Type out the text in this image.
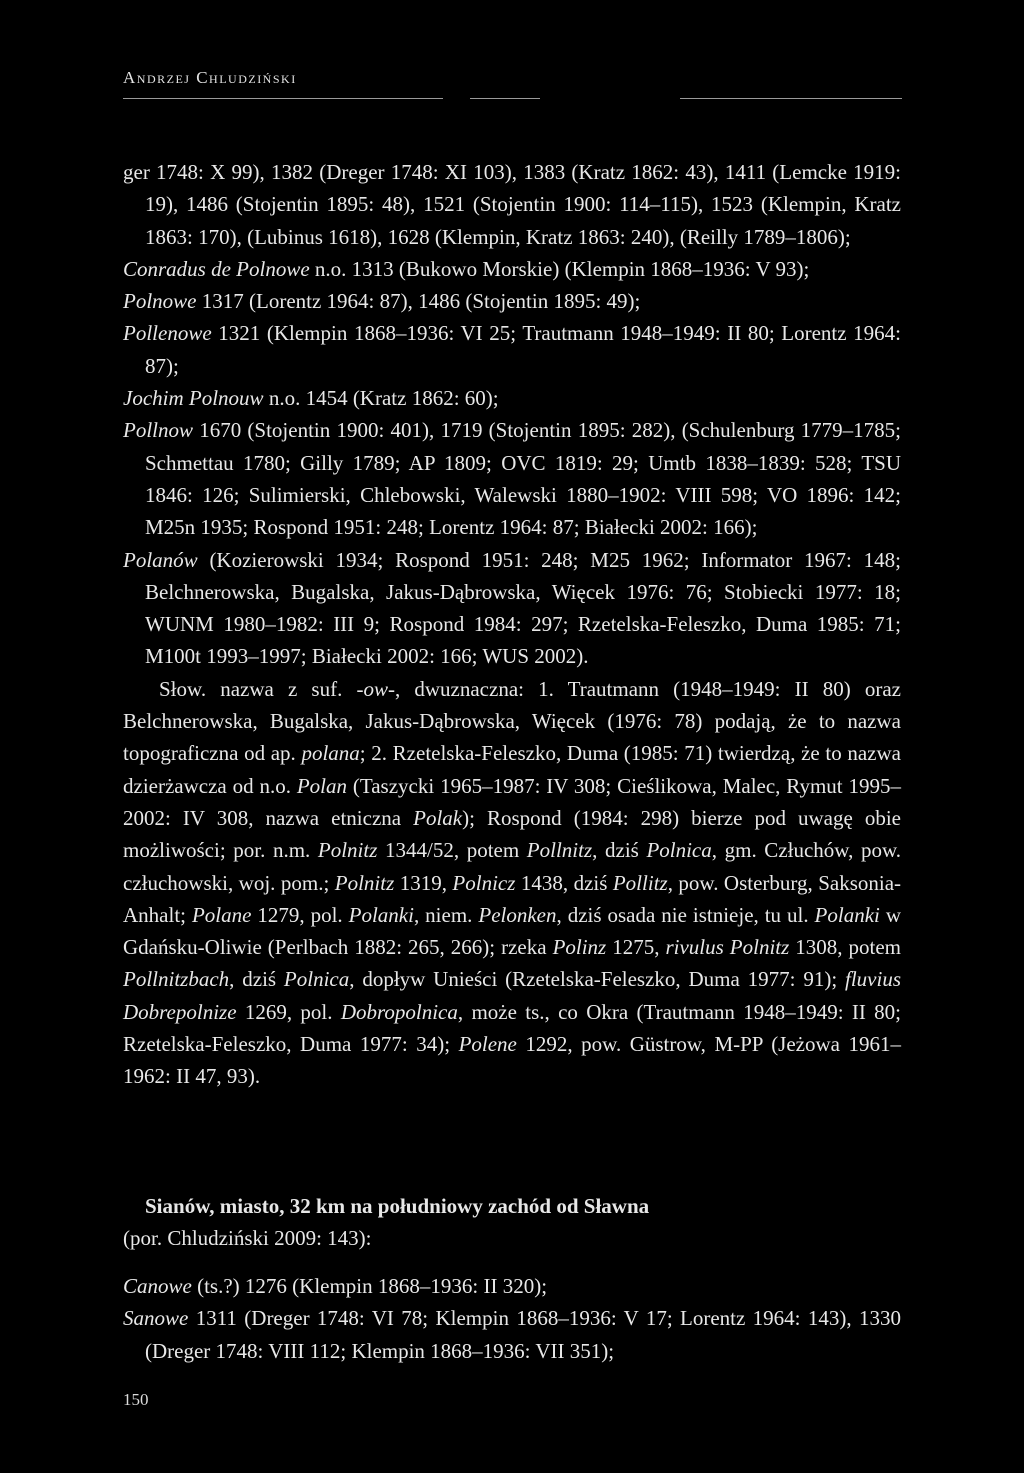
Andrzej Chludziński

ger 1748: X 99), 1382 (Dreger 1748: XI 103), 1383 (Kratz 1862: 43), 1411 (Lemcke 1919: 19), 1486 (Stojentin 1895: 48), 1521 (Stojentin 1900: 114–115), 1523 (Klempin, Kratz 1863: 170), (Lubinus 1618), 1628 (Klempin, Kratz 1863: 240), (Reilly 1789–1806);

Conradus de Polnowe n.o. 1313 (Bukowo Morskie) (Klempin 1868–1936: V 93);

Polnowe 1317 (Lorentz 1964: 87), 1486 (Stojentin 1895: 49);

Pollenowe 1321 (Klempin 1868–1936: VI 25; Trautmann 1948–1949: II 80; Lorentz 1964: 87);

Jochim Polnouw n.o. 1454 (Kratz 1862: 60);

Pollnow 1670 (Stojentin 1900: 401), 1719 (Stojentin 1895: 282), (Schulenburg 1779–1785; Schmettau 1780; Gilly 1789; AP 1809; OVC 1819: 29; Umtb 1838–1839: 528; TSU 1846: 126; Sulimierski, Chlebowski, Walewski 1880–1902: VIII 598; VO 1896: 142; M25n 1935; Rospond 1951: 248; Lorentz 1964: 87; Białecki 2002: 166);

Polanów (Kozierowski 1934; Rospond 1951: 248; M25 1962; Informator 1967: 148; Belchnerowska, Bugalska, Jakus-Dąbrowska, Więcek 1976: 76; Stobiecki 1977: 18; WUNM 1980–1982: III 9; Rospond 1984: 297; Rzetelska-Feleszko, Duma 1985: 71; M100t 1993–1997; Białecki 2002: 166; WUS 2002).

Słow. nazwa z suf. -ow-, dwuznaczna: 1. Trautmann (1948–1949: II 80) oraz Belchnerowska, Bugalska, Jakus-Dąbrowska, Więcek (1976: 78) podają, że to nazwa topograficzna od ap. polana; 2. Rzetelska-Feleszko, Duma (1985: 71) twierdzą, że to nazwa dzierżawcza od n.o. Polan (Taszycki 1965–1987: IV 308; Cieślikowa, Malec, Rymut 1995–2002: IV 308, nazwa etniczna Polak); Rospond (1984: 298) bierze pod uwagę obie możliwości; por. n.m. Polnitz 1344/52, potem Pollnitz, dziś Polnica, gm. Człuchów, pow. człuchowski, woj. pom.; Polnitz 1319, Polnicz 1438, dziś Pollitz, pow. Osterburg, Saksonia-Anhalt; Polane 1279, pol. Polanki, niem. Pelonken, dziś osada nie istnieje, tu ul. Polanki w Gdańsku-Oliwie (Perlbach 1882: 265, 266); rzeka Polinz 1275, rivulus Polnitz 1308, potem Pollnitzbach, dziś Polnica, dopływ Unieści (Rzetelska-Feleszko, Duma 1977: 91); fluvius Dobrepolnize 1269, pol. Dobropolnica, może ts., co Okra (Trautmann 1948–1949: II 80; Rzetelska-Feleszko, Duma 1977: 34); Polene 1292, pow. Güstrow, M-PP (Jeżowa 1961–1962: II 47, 93).

Sianów, miasto, 32 km na południowy zachód od Sławna
(por. Chludziński 2009: 143):

Canowe (ts.?) 1276 (Klempin 1868–1936: II 320);

Sanowe 1311 (Dreger 1748: VI 78; Klempin 1868–1936: V 17; Lorentz 1964: 143), 1330 (Dreger 1748: VIII 112; Klempin 1868–1936: VII 351);

150
